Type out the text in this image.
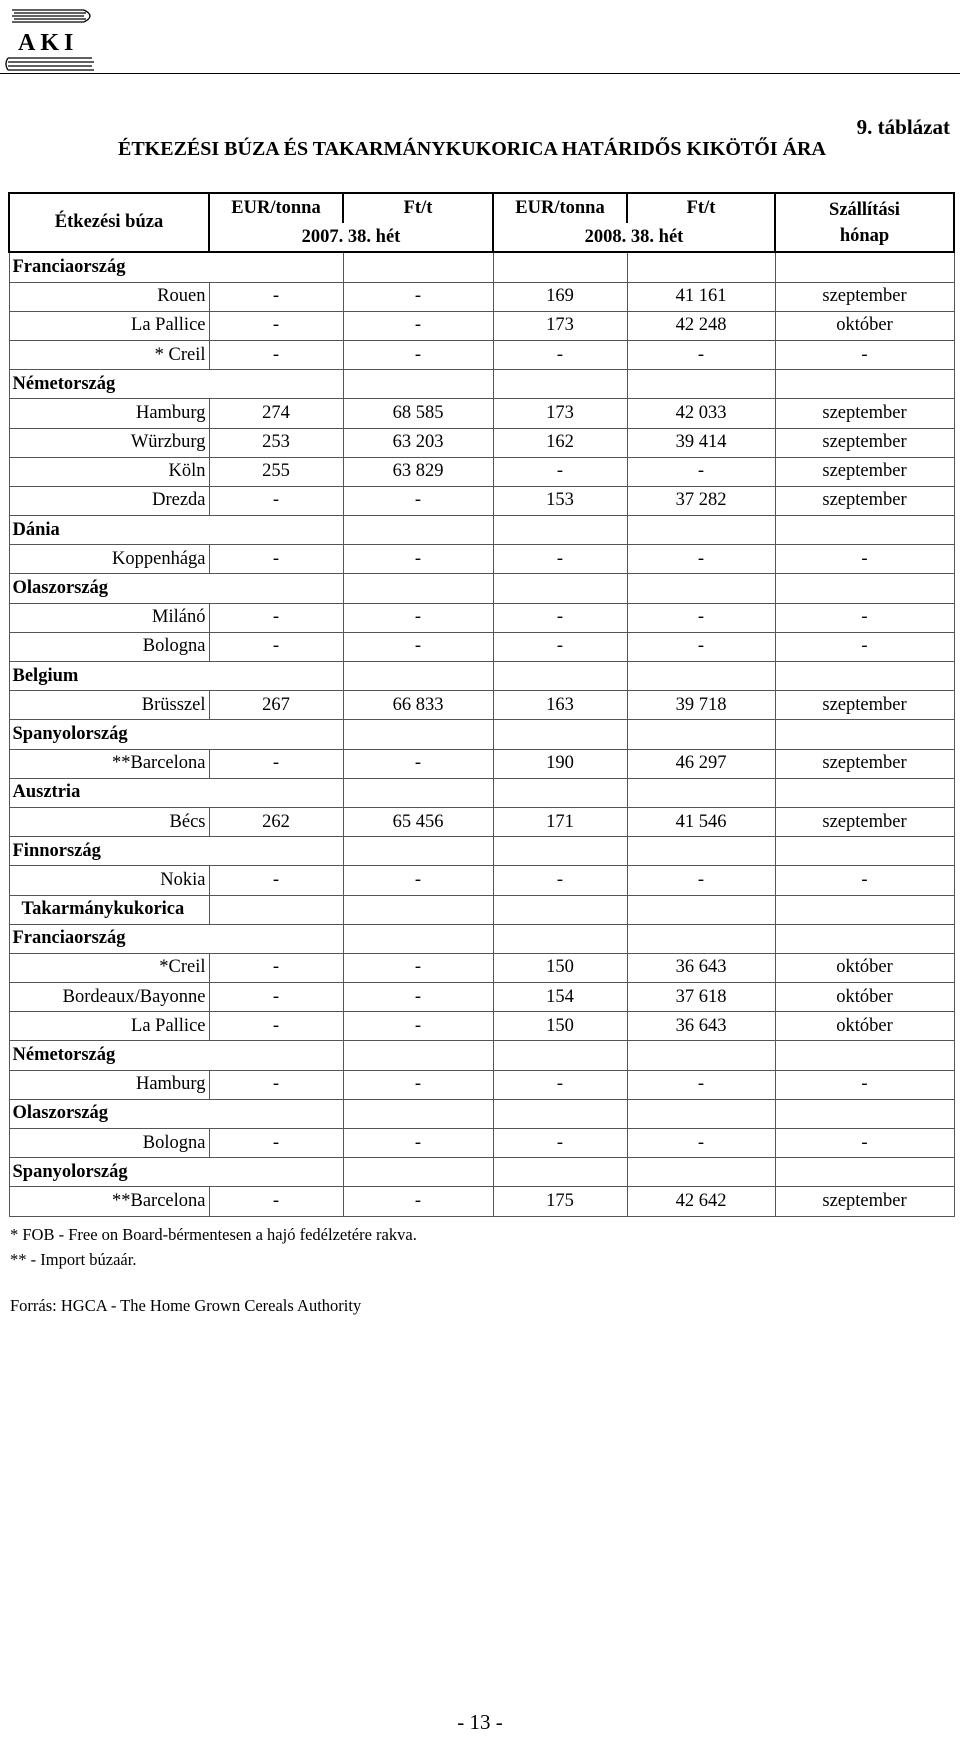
AKI
9. táblázat
ÉTKEZÉSI BÚZA ÉS TAKARMÁNYKUKORICA HATÁRIDŐS KIKÖTŐI ÁRA
Étkezési búza	EUR/tonna	Ft/t	EUR/tonna	Ft/t	Szállítási
hónap
	2007. 38. hét		2008. 38. hét		
Franciaország					
Rouen	-	-	169	41 161	szeptember
La Pallice	-	-	173	42 248	október
* Creil	-	-	-	-	-
Németország					
Hamburg	274	68 585	173	42 033	szeptember
Würzburg	253	63 203	162	39 414	szeptember
Köln	255	63 829	-	-	szeptember
Drezda	-	-	153	37 282	szeptember
Dánia					
Koppenhága	-	-	-	-	-
Olaszország					
Milánó	-	-	-	-	-
Bologna	-	-	-	-	-
Belgium					
Brüsszel	267	66 833	163	39 718	szeptember
Spanyolország					
**Barcelona	-	-	190	46 297	szeptember
Ausztria					
Bécs	262	65 456	171	41 546	szeptember
Finnország					
Nokia	-	-	-	-	-
Takarmánykukorica					
Franciaország					
*Creil	-	-	150	36 643	október
Bordeaux/Bayonne	-	-	154	37 618	október
La Pallice	-	-	150	36 643	október
Németország					
Hamburg	-	-	-	-	-
Olaszország					
Bologna	-	-	-	-	-
Spanyolország					
**Barcelona	-	-	175	42 642	szeptember
* FOB - Free on Board-bérmentesen a hajó fedélzetére rakva.
** - Import búzaár.
Forrás: HGCA - The Home Grown Cereals Authority
- 13 -
